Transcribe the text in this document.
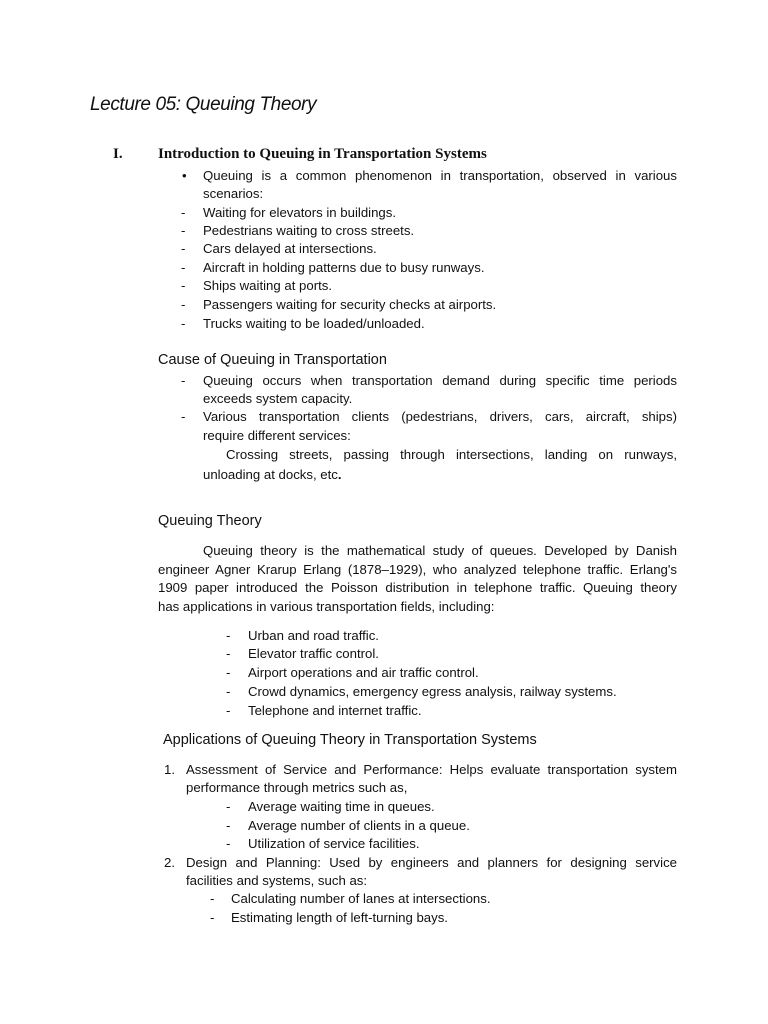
Lecture 05: Queuing Theory
I. Introduction to Queuing in Transportation Systems
• Queuing is a common phenomenon in transportation, observed in various
scenarios:
- Waiting for elevators in buildings.
- Pedestrians waiting to cross streets.
- Cars delayed at intersections.
- Aircraft in holding patterns due to busy runways.
- Ships waiting at ports.
- Passengers waiting for security checks at airports.
- Trucks waiting to be loaded/unloaded.
Cause of Queuing in Transportation
- Queuing occurs when transportation demand during specific time periods
exceeds system capacity.
- Various transportation clients (pedestrians, drivers, cars, aircraft, ships)
require different services:
Crossing streets, passing through intersections, landing on runways,
unloading at docks, etc.
Queuing Theory
Queuing theory is the mathematical study of queues. Developed by Danish
engineer Agner Krarup Erlang (1878–1929), who analyzed telephone traffic. Erlang's
1909 paper introduced the Poisson distribution in telephone traffic. Queuing theory
has applications in various transportation fields, including:
- Urban and road traffic.
- Elevator traffic control.
- Airport operations and air traffic control.
- Crowd dynamics, emergency egress analysis, railway systems.
- Telephone and internet traffic.
Applications of Queuing Theory in Transportation Systems
1. Assessment of Service and Performance: Helps evaluate transportation system
performance through metrics such as,
- Average waiting time in queues.
- Average number of clients in a queue.
- Utilization of service facilities.
2. Design and Planning: Used by engineers and planners for designing service
facilities and systems, such as:
- Calculating number of lanes at intersections.
- Estimating length of left-turning bays.
